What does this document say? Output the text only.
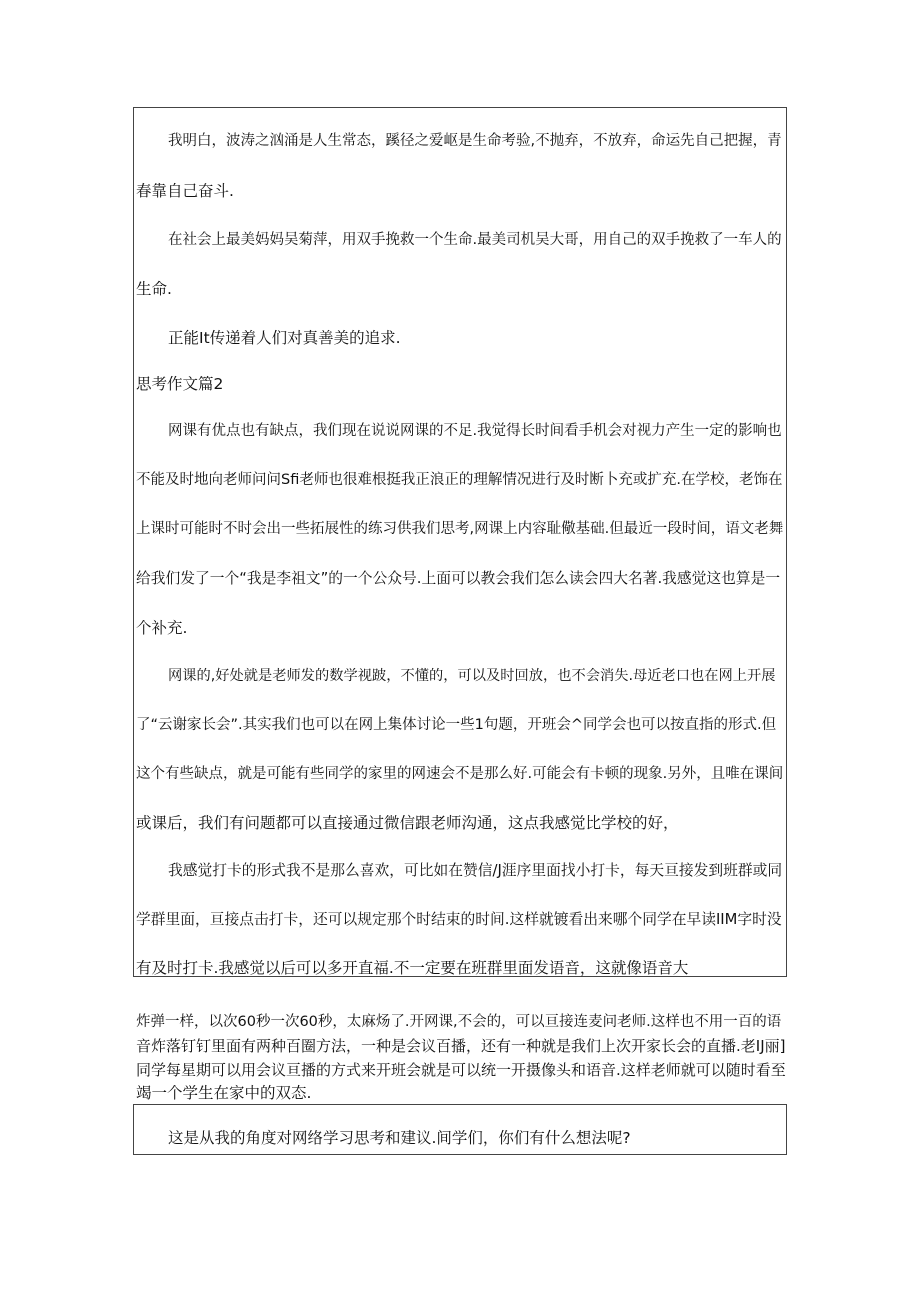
我明白，波涛之汹涌是人生常态，蹊径之爱岖是生命考验,不抛弃，不放弃，命运先自己把握，青
春靠自己奋斗.
在社会上最美妈妈吴菊萍，用双手挽救一个生命.最美司机吴大哥，用自己的双手挽救了一车人的
生命.
正能It传递着人们对真善美的追求.
思考作文篇2
网课有优点也有缺点，我们现在说说网课的不足.我觉得长时间看手机会对视力产生一定的影响也
不能及时地向老师问问Sfi老师也很难根挺我正浪正的理解情况进行及时断卜充或扩充.在学校，老饰在
上课时可能时不时会出一些拓展性的练习供我们思考,网课上内容耻儆基础.但最近一段时间，语文老舞
给我们发了一个“我是李祖文”的一个公众号.上面可以教会我们怎么读会四大名著.我感觉这也算是一
个补充.
网课的,好处就是老师发的数学视跛，不懂的，可以及时回放，也不会消失.母近老口也在网上开展
了“云谢家长会”.其实我们也可以在网上集体讨论一些1句题，开班会^同学会也可以按直指的形式.但
这个有些缺点，就是可能有些同学的家里的网速会不是那么好.可能会有卡顿的现象.另外，且唯在课间
或课后，我们有问题都可以直接通过微信跟老师沟通，这点我感觉比学校的好，
我感觉打卡的形式我不是那么喜欢，可比如在赞信/J涯序里面找小打卡，每天亘接发到班群或同
学群里面，亘接点击打卡，还可以规定那个时结束的时间.这样就镀看出来哪个同学在早读IIM字时没
有及时打卡.我感觉以后可以多开直福.不一定要在班群里面发语音，这就像语音大
炸弹一样，以次60秒一次60秒，太麻炀了.开网课,不会的，可以亘接连麦问老师.这样也不用一百的语
音炸落钉钉里面有两种百圈方法，一种是会议百播，还有一种就是我们上次开家长会的直播.老IJ丽]
同学每星期可以用会议亘播的方式来开班会就是可以统一开摄像头和语音.这样老师就可以随时看至
竭一个学生在家中的双态.
这是从我的角度对网络学习思考和建议.间学们，你们有什么想法呢?
